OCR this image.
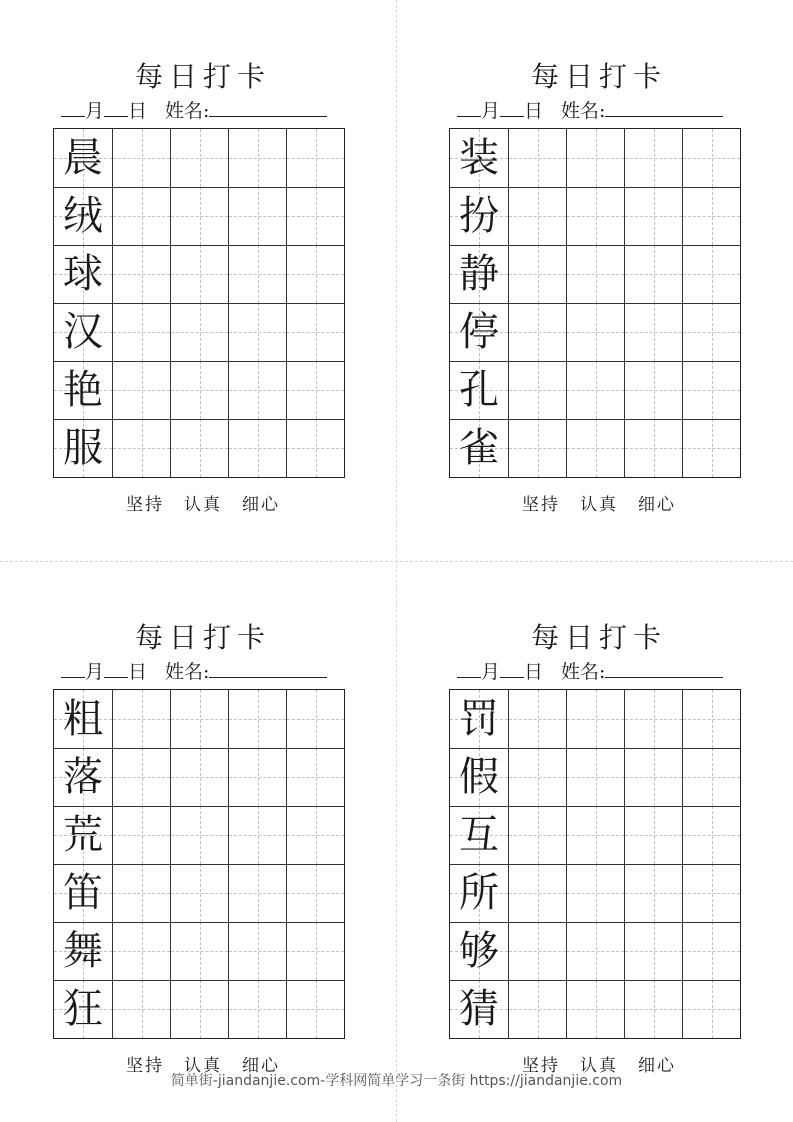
每日打卡
月 日 姓名:
晨
绒
球
汉
艳
服
坚持 认真 细心
每日打卡
月 日 姓名:
装
扮
静
停
孔
雀
坚持 认真 细心
每日打卡
月 日 姓名:
粗
落
荒
笛
舞
狂
坚持 认真 细心
每日打卡
月 日 姓名:
罚
假
互
所
够
猜
坚持 认真 细心
简单街-jiandanjie.com-学科网简单学习一条街 https://jiandanjie.com
